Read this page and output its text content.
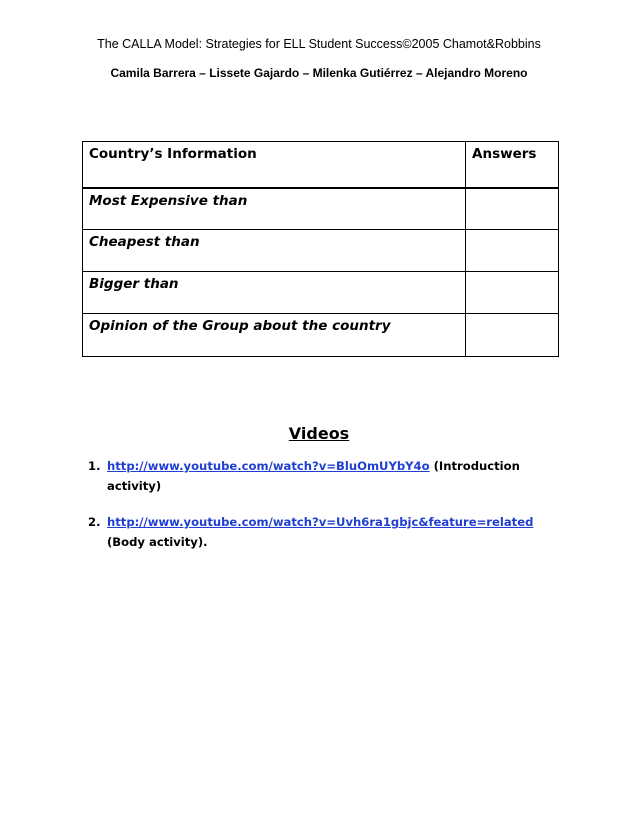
The CALLA Model: Strategies for ELL Student Success©2005 Chamot&Robbins
Camila Barrera – Lissete Gajardo – Milenka Gutiérrez – Alejandro Moreno
Country’s Information	Answers
Most Expensive than	
Cheapest than	
Bigger than	
Opinion of the Group about the country	
Videos
1. http://www.youtube.com/watch?v=BluOmUYbY4o (Introduction activity)
2. http://www.youtube.com/watch?v=Uvh6ra1gbjc&feature=related (Body activity).
